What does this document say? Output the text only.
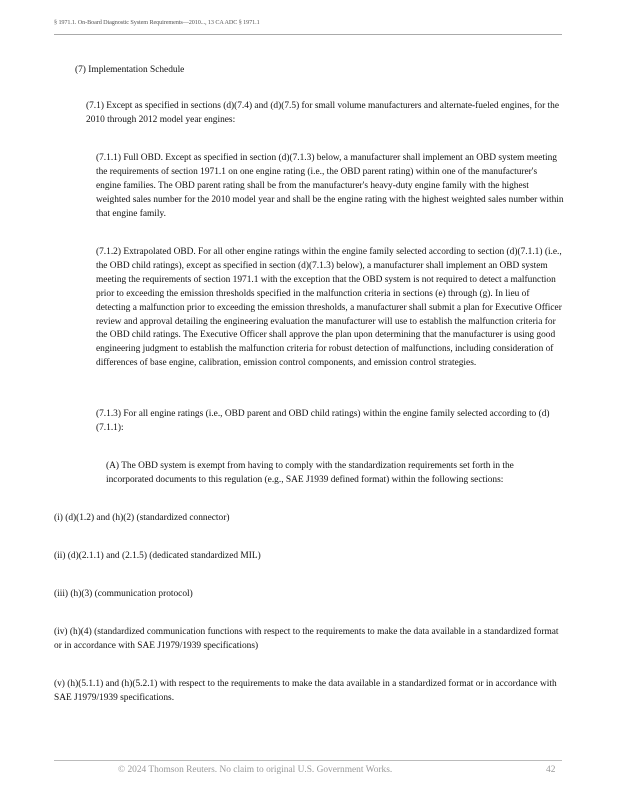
§ 1971.1. On-Board Diagnostic System Requirements—2010..., 13 CA ADC § 1971.1

(7) Implementation Schedule

(7.1) Except as specified in sections (d)(7.4) and (d)(7.5) for small volume manufacturers and alternate-fueled engines, for the 2010 through 2012 model year engines:

(7.1.1) Full OBD. Except as specified in section (d)(7.1.3) below, a manufacturer shall implement an OBD system meeting the requirements of section 1971.1 on one engine rating (i.e., the OBD parent rating) within one of the manufacturer's engine families. The OBD parent rating shall be from the manufacturer's heavy-duty engine family with the highest weighted sales number for the 2010 model year and shall be the engine rating with the highest weighted sales number within that engine family.

(7.1.2) Extrapolated OBD. For all other engine ratings within the engine family selected according to section (d)(7.1.1) (i.e., the OBD child ratings), except as specified in section (d)(7.1.3) below), a manufacturer shall implement an OBD system meeting the requirements of section 1971.1 with the exception that the OBD system is not required to detect a malfunction prior to exceeding the emission thresholds specified in the malfunction criteria in sections (e) through (g). In lieu of detecting a malfunction prior to exceeding the emission thresholds, a manufacturer shall submit a plan for Executive Officer review and approval detailing the engineering evaluation the manufacturer will use to establish the malfunction criteria for the OBD child ratings. The Executive Officer shall approve the plan upon determining that the manufacturer is using good engineering judgment to establish the malfunction criteria for robust detection of malfunctions, including consideration of differences of base engine, calibration, emission control components, and emission control strategies.

(7.1.3) For all engine ratings (i.e., OBD parent and OBD child ratings) within the engine family selected according to (d)(7.1.1):

(A) The OBD system is exempt from having to comply with the standardization requirements set forth in the incorporated documents to this regulation (e.g., SAE J1939 defined format) within the following sections:

(i) (d)(1.2) and (h)(2) (standardized connector)

(ii) (d)(2.1.1) and (2.1.5) (dedicated standardized MIL)

(iii) (h)(3) (communication protocol)

(iv) (h)(4) (standardized communication functions with respect to the requirements to make the data available in a standardized format or in accordance with SAE J1979/1939 specifications)

(v) (h)(5.1.1) and (h)(5.2.1) with respect to the requirements to make the data available in a standardized format or in accordance with SAE J1979/1939 specifications.

© 2024 Thomson Reuters. No claim to original U.S. Government Works.	42
